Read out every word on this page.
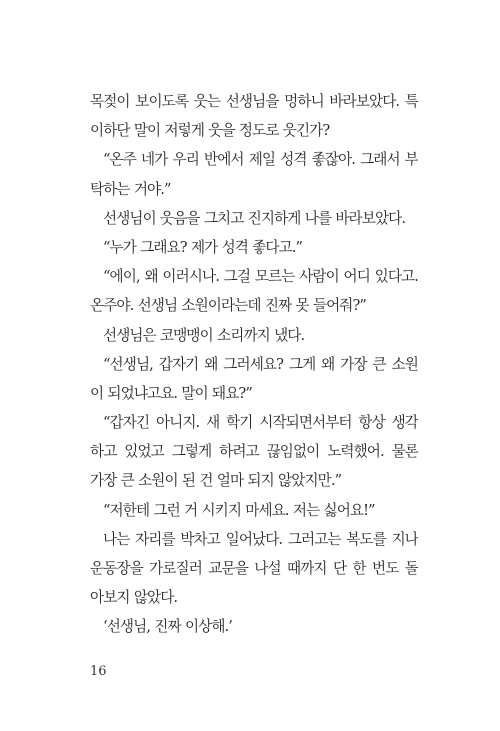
목젖이 보이도록 웃는 선생님을 멍하니 바라보았다. 특
이하단 말이 저렇게 웃을 정도로 웃긴가?
“온주 네가 우리 반에서 제일 성격 좋잖아. 그래서 부
탁하는 거야.”
선생님이 웃음을 그치고 진지하게 나를 바라보았다.
“누가 그래요? 제가 성격 좋다고.”
“에이, 왜 이러시나. 그걸 모르는 사람이 어디 있다고.
온주야. 선생님 소원이라는데 진짜 못 들어줘?”
선생님은 코맹맹이 소리까지 냈다.
“선생님, 갑자기 왜 그러세요? 그게 왜 가장 큰 소원
이 되었냐고요. 말이 돼요?”
“갑자긴 아니지. 새 학기 시작되면서부터 항상 생각
하고 있었고 그렇게 하려고 끊임없이 노력했어. 물론
가장 큰 소원이 된 건 얼마 되지 않았지만.”
“저한테 그런 거 시키지 마세요. 저는 싫어요!”
나는 자리를 박차고 일어났다. 그러고는 복도를 지나
운동장을 가로질러 교문을 나설 때까지 단 한 번도 돌
아보지 않았다.
‘선생님, 진짜 이상해.’
16
